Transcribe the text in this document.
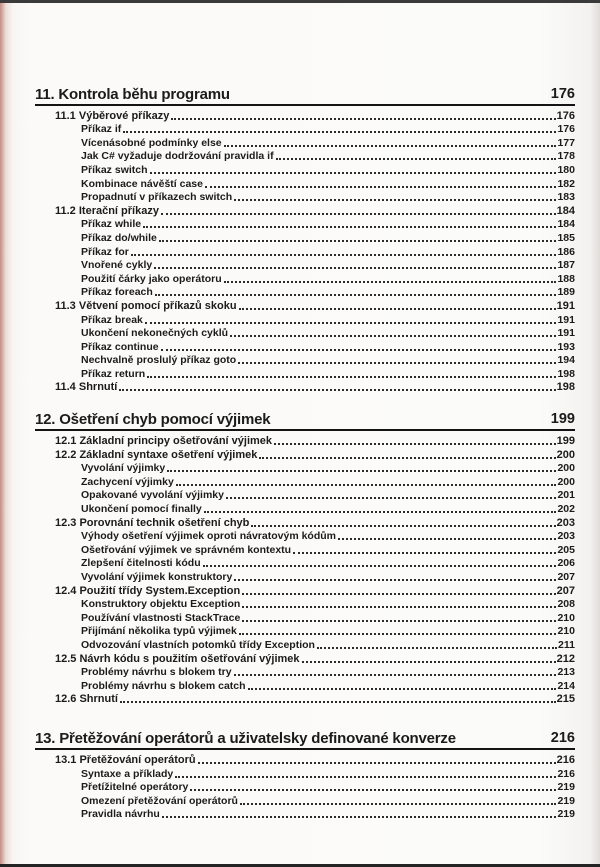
11. Kontrola běhu programu	176
11.1 Výběrové příkazy	176
Příkaz if	176
Vícenásobné podmínky else	177
Jak C# vyžaduje dodržování pravidla if	178
Příkaz switch	180
Kombinace návěští case	182
Propadnutí v příkazech switch	183
11.2 Iterační příkazy	184
Příkaz while	184
Příkaz do/while	185
Příkaz for	186
Vnořené cykly	187
Použití čárky jako operátoru	188
Příkaz foreach	189
11.3 Větvení pomocí příkazů skoku	191
Příkaz break	191
Ukončení nekonečných cyklů	191
Příkaz continue	193
Nechvalně proslulý příkaz goto	194
Příkaz return	198
11.4 Shrnutí	198
12. Ošetření chyb pomocí výjimek	199
12.1 Základní principy ošetřování výjimek	199
12.2 Základní syntaxe ošetření výjimek	200
Vyvolání výjimky	200
Zachycení výjimky	200
Opakované vyvolání výjimky	201
Ukončení pomocí finally	202
12.3 Porovnání technik ošetření chyb	203
Výhody ošetření výjimek oproti návratovým kódům	203
Ošetřování výjimek ve správném kontextu	205
Zlepšení čitelnosti kódu	206
Vyvolání výjimek konstruktory	207
12.4 Použití třídy System.Exception	207
Konstruktory objektu Exception	208
Používání vlastnosti StackTrace	210
Přijímání několika typů výjimek	210
Odvozování vlastních potomků třídy Exception	211
12.5 Návrh kódu s použitím ošetřování výjimek	212
Problémy návrhu s blokem try	213
Problémy návrhu s blokem catch	214
12.6 Shrnutí	215
13. Přetěžování operátorů a uživatelsky definované konverze	216
13.1 Přetěžování operátorů	216
Syntaxe a příklady	216
Přetížitelné operátory	219
Omezení přetěžování operátorů	219
Pravidla návrhu	219
